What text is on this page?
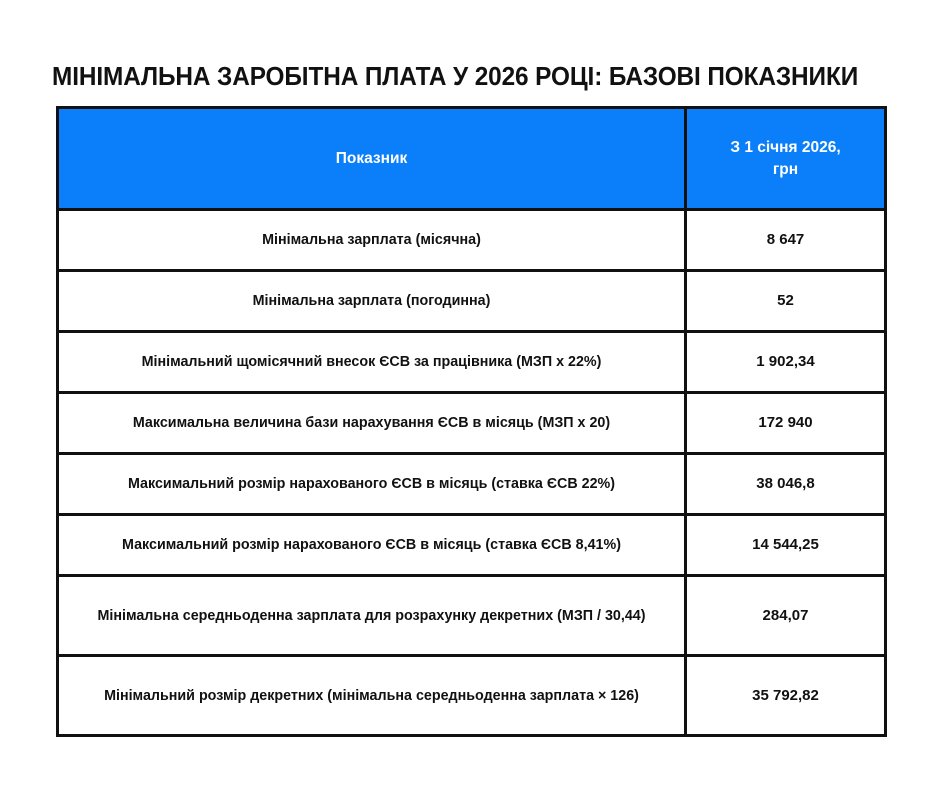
МІНІМАЛЬНА ЗАРОБІТНА ПЛАТА У 2026 РОЦІ: БАЗОВІ ПОКАЗНИКИ
Показник	З 1 січня 2026,
грн

Мінімальна зарплата (місячна)	8 647
Мінімальна зарплата (погодинна)	52
Мінімальний щомісячний внесок ЄСВ за працівника (МЗП х 22%)	1 902,34
Максимальна величина бази нарахування ЄСВ в місяць (МЗП х 20)	172 940
Максимальний розмір нарахованого ЄСВ в місяць (ставка ЄСВ 22%)	38 046,8
Максимальний розмір нарахованого ЄСВ в місяць (ставка ЄСВ 8,41%)	14 544,25
Мінімальна середньоденна зарплата для розрахунку декретних (МЗП / 30,44)	284,07
Мінімальний розмір декретних (мінімальна середньоденна зарплата × 126)	35 792,82
